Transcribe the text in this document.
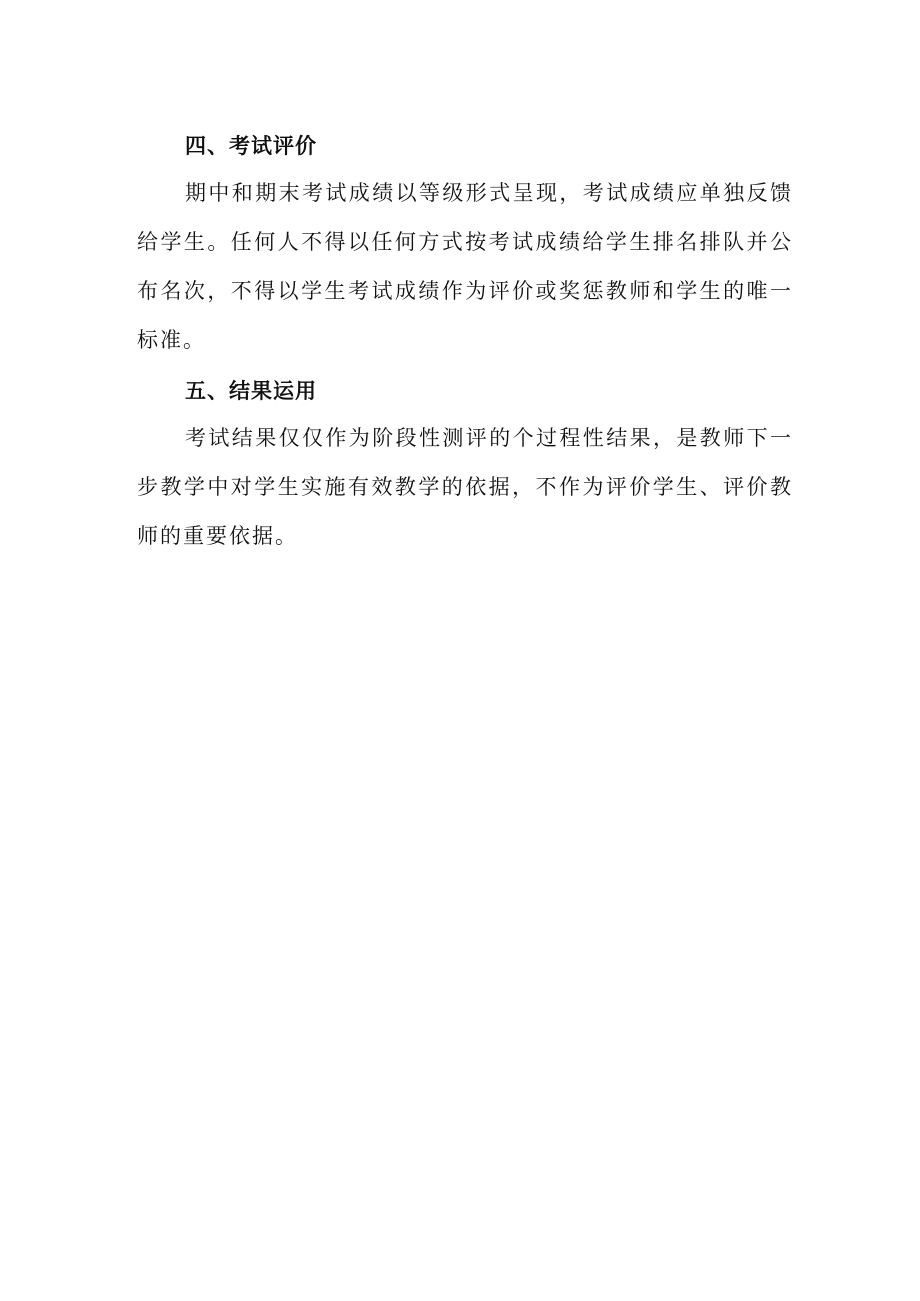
四、考试评价

期中和期末考试成绩以等级形式呈现，考试成绩应单独反馈给学生。任何人不得以任何方式按考试成绩给学生排名排队并公布名次，不得以学生考试成绩作为评价或奖惩教师和学生的唯一标准。

五、结果运用

考试结果仅仅作为阶段性测评的个过程性结果，是教师下一步教学中对学生实施有效教学的依据，不作为评价学生、评价教师的重要依据。
